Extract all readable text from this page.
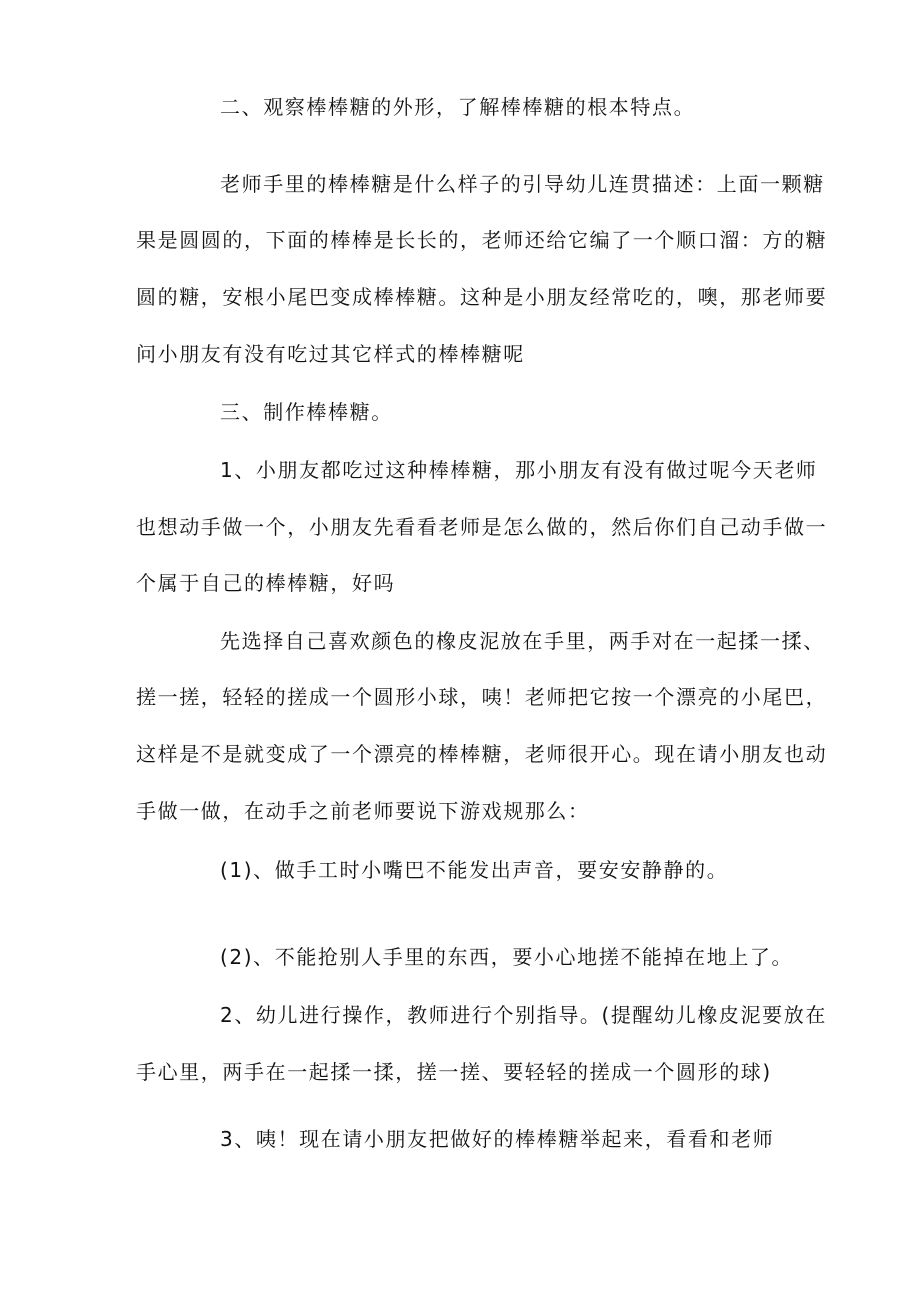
二、观察棒棒糖的外形，了解棒棒糖的根本特点。
老师手里的棒棒糖是什么样子的引导幼儿连贯描述：上面一颗糖
果是圆圆的，下面的棒棒是长长的，老师还给它编了一个顺口溜：方的糖
圆的糖，安根小尾巴变成棒棒糖。这种是小朋友经常吃的，噢，那老师要
问小朋友有没有吃过其它样式的棒棒糖呢
三、制作棒棒糖。
1、小朋友都吃过这种棒棒糖，那小朋友有没有做过呢今天老师
也想动手做一个，小朋友先看看老师是怎么做的，然后你们自己动手做一
个属于自己的棒棒糖，好吗
先选择自己喜欢颜色的橡皮泥放在手里，两手对在一起揉一揉、
搓一搓，轻轻的搓成一个圆形小球，咦！老师把它按一个漂亮的小尾巴，
这样是不是就变成了一个漂亮的棒棒糖，老师很开心。现在请小朋友也动
手做一做，在动手之前老师要说下游戏规那么：
(1)、做手工时小嘴巴不能发出声音，要安安静静的。
(2)、不能抢别人手里的东西，要小心地搓不能掉在地上了。
2、幼儿进行操作，教师进行个别指导。(提醒幼儿橡皮泥要放在
手心里，两手在一起揉一揉，搓一搓、要轻轻的搓成一个圆形的球)
3、咦！现在请小朋友把做好的棒棒糖举起来，看看和老师
